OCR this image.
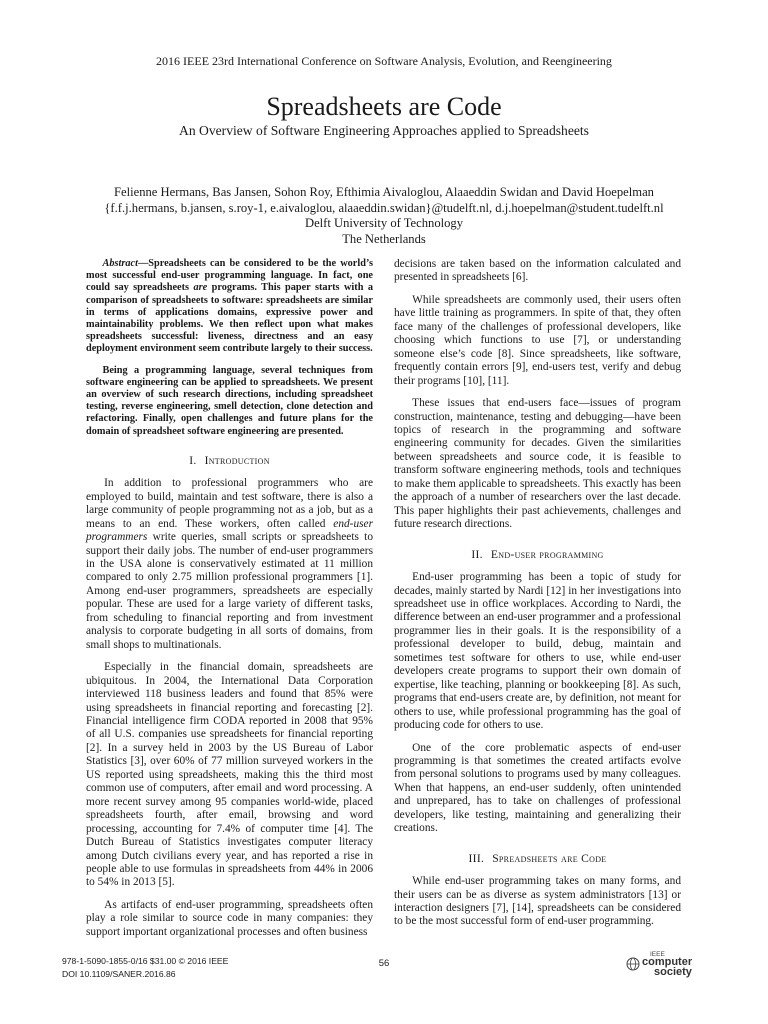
2016 IEEE 23rd International Conference on Software Analysis, Evolution, and Reengineering
Spreadsheets are Code
An Overview of Software Engineering Approaches applied to Spreadsheets
Felienne Hermans, Bas Jansen, Sohon Roy, Efthimia Aivaloglou, Alaaeddin Swidan and David Hoepelman
{f.f.j.hermans, b.jansen, s.roy-1, e.aivaloglou, alaaeddin.swidan}@tudelft.nl, d.j.hoepelman@student.tudelft.nl
Delft University of Technology
The Netherlands

Abstract—Spreadsheets can be considered to be the world’s most successful end-user programming language. In fact, one could say spreadsheets are programs. This paper starts with a comparison of spreadsheets to software: spreadsheets are similar in terms of applications domains, expressive power and maintainability problems. We then reflect upon what makes spreadsheets successful: liveness, directness and an easy deployment environment seem contribute largely to their success.

Being a programming language, several techniques from software engineering can be applied to spreadsheets. We present an overview of such research directions, including spreadsheet testing, reverse engineering, smell detection, clone detection and refactoring. Finally, open challenges and future plans for the domain of spreadsheet software engineering are presented.

I. Introduction

In addition to professional programmers who are employed to build, maintain and test software, there is also a large community of people programming not as a job, but as a means to an end. These workers, often called end-user programmers write queries, small scripts or spreadsheets to support their daily jobs. The number of end-user programmers in the USA alone is conservatively estimated at 11 million compared to only 2.75 million professional programmers [1]. Among end-user programmers, spreadsheets are especially popular. These are used for a large variety of different tasks, from scheduling to financial reporting and from investment analysis to corporate budgeting in all sorts of domains, from small shops to multinationals.

Especially in the financial domain, spreadsheets are ubiquitous. In 2004, the International Data Corporation interviewed 118 business leaders and found that 85% were using spreadsheets in financial reporting and forecasting [2]. Financial intelligence firm CODA reported in 2008 that 95% of all U.S. companies use spreadsheets for financial reporting [2]. In a survey held in 2003 by the US Bureau of Labor Statistics [3], over 60% of 77 million surveyed workers in the US reported using spreadsheets, making this the third most common use of computers, after email and word processing. A more recent survey among 95 companies world-wide, placed spreadsheets fourth, after email, browsing and word processing, accounting for 7.4% of computer time [4]. The Dutch Bureau of Statistics investigates computer literacy among Dutch civilians every year, and has reported a rise in people able to use formulas in spreadsheets from 44% in 2006 to 54% in 2013 [5].

As artifacts of end-user programming, spreadsheets often play a role similar to source code in many companies: they support important organizational processes and often business

decisions are taken based on the information calculated and presented in spreadsheets [6].

While spreadsheets are commonly used, their users often have little training as programmers. In spite of that, they often face many of the challenges of professional developers, like choosing which functions to use [7], or understanding someone else’s code [8]. Since spreadsheets, like software, frequently contain errors [9], end-users test, verify and debug their programs [10], [11].

These issues that end-users face—issues of program construction, maintenance, testing and debugging—have been topics of research in the programming and software engineering community for decades. Given the similarities between spreadsheets and source code, it is feasible to transform software engineering methods, tools and techniques to make them applicable to spreadsheets. This exactly has been the approach of a number of researchers over the last decade. This paper highlights their past achievements, challenges and future research directions.

II. End-user programming

End-user programming has been a topic of study for decades, mainly started by Nardi [12] in her investigations into spreadsheet use in office workplaces. According to Nardi, the difference between an end-user programmer and a professional programmer lies in their goals. It is the responsibility of a professional developer to build, debug, maintain and sometimes test software for others to use, while end-user developers create programs to support their own domain of expertise, like teaching, planning or bookkeeping [8]. As such, programs that end-users create are, by definition, not meant for others to use, while professional programming has the goal of producing code for others to use.

One of the core problematic aspects of end-user programming is that sometimes the created artifacts evolve from personal solutions to programs used by many colleagues. When that happens, an end-user suddenly, often unintended and unprepared, has to take on challenges of professional developers, like testing, maintaining and generalizing their creations.

III. Spreadsheets are Code

While end-user programming takes on many forms, and their users can be as diverse as system administrators [13] or interaction designers [7], [14], spreadsheets can be considered to be the most successful form of end-user programming.

978-1-5090-1855-0/16 $31.00 © 2016 IEEE
DOI 10.1109/SANER.2016.86
56
IEEE
computer
society
